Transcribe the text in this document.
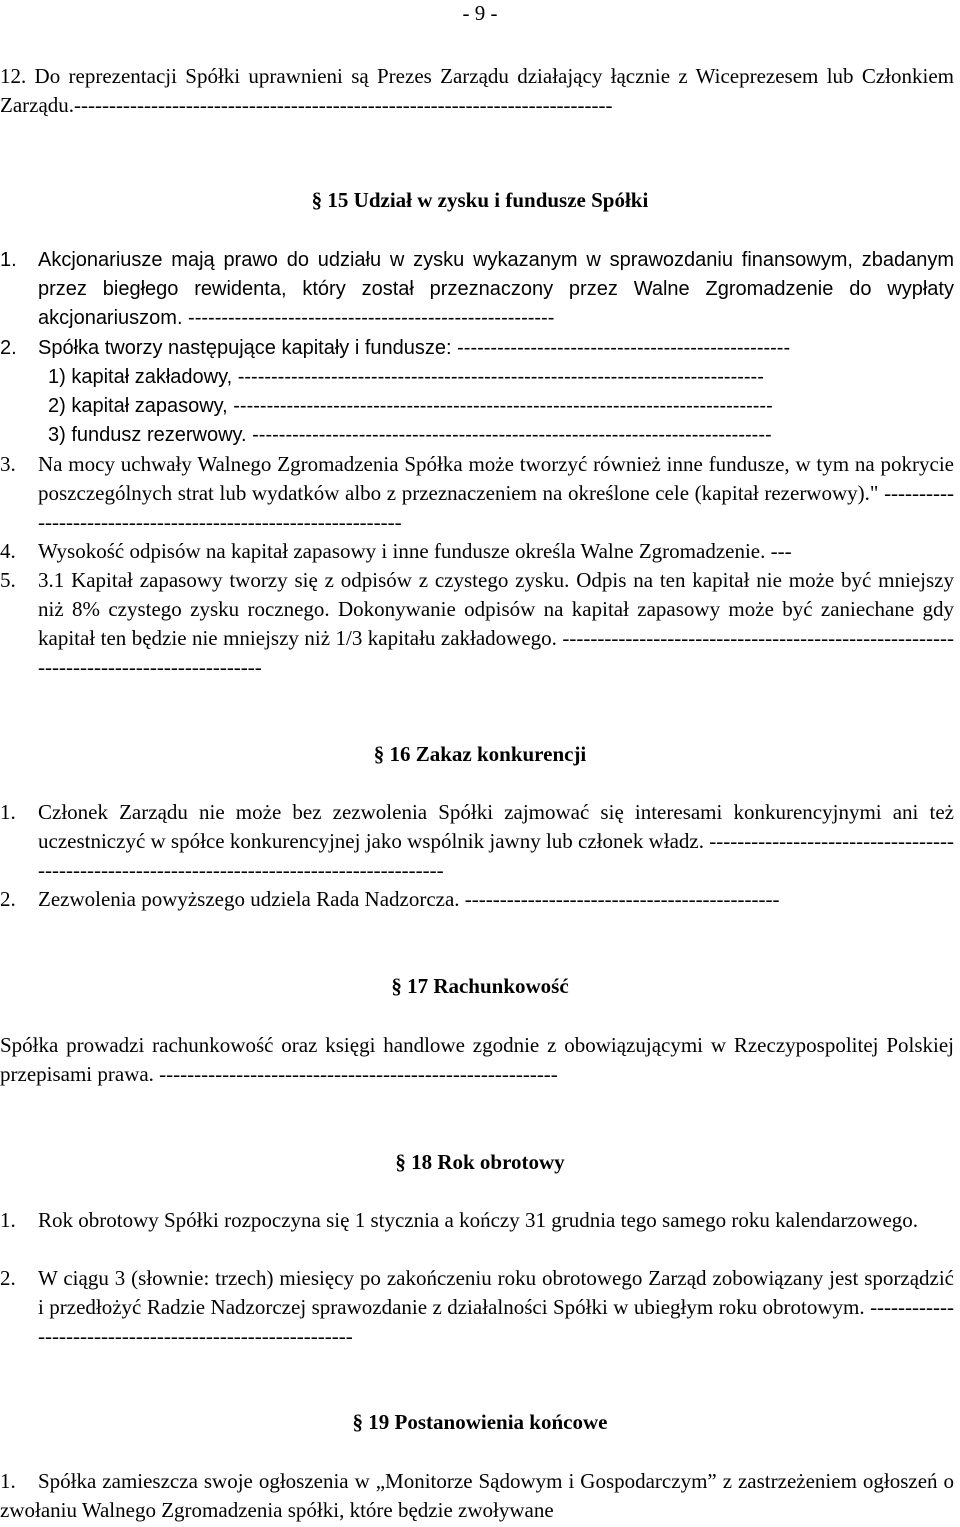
- 9 -
12. Do reprezentacji Spółki uprawnieni są Prezes Zarządu działający łącznie z Wiceprezesem lub Członkiem Zarządu.-----------------------------------------------------------------------------
§ 15 Udział w zysku i fundusze Spółki
1. Akcjonariusze mają prawo do udziału w zysku wykazanym w sprawozdaniu finansowym, zbadanym przez biegłego rewidenta, który został przeznaczony przez Walne Zgromadzenie do wypłaty akcjonariuszom. -------------------------------------------------------
2. Spółka tworzy następujące kapitały i fundusze: --------------------------------------------------
1) kapitał zakładowy, -------------------------------------------------------------------------------
2) kapitał zapasowy, ---------------------------------------------------------------------------------
3) fundusz rezerwowy. ------------------------------------------------------------------------------
3. Na mocy uchwały Walnego Zgromadzenia Spółka może tworzyć również inne fundusze, w tym na pokrycie poszczególnych strat lub wydatków albo z przeznaczeniem na określone cele (kapitał rezerwowy)." --------------------------------------------------------------
4. Wysokość odpisów na kapitał zapasowy i inne fundusze określa Walne Zgromadzenie. ---
5. 3.1 Kapitał zapasowy tworzy się z odpisów z czystego zysku. Odpis na ten kapitał nie może być mniejszy niż 8% czystego zysku rocznego. Dokonywanie odpisów na kapitał zapasowy może być zaniechane gdy kapitał ten będzie nie mniejszy niż 1/3 kapitału zakładowego. ----------------------------------------------------------------------------------------
§ 16 Zakaz konkurencji
1. Członek Zarządu nie może bez zezwolenia Spółki zajmować się interesami konkurencyjnymi ani też uczestniczyć w spółce konkurencyjnej jako wspólnik jawny lub członek władz. ---------------------------------------------------------------------------------------------
2. Zezwolenia powyższego udziela Rada Nadzorcza. ---------------------------------------------
§ 17 Rachunkowość
Spółka prowadzi rachunkowość oraz księgi handlowe zgodnie z obowiązującymi w Rzeczypospolitej Polskiej przepisami prawa. ---------------------------------------------------------
§ 18 Rok obrotowy
1. Rok obrotowy Spółki rozpoczyna się 1 stycznia a kończy 31 grudnia tego samego roku kalendarzowego.
2. W ciągu 3 (słownie: trzech) miesięcy po zakończeniu roku obrotowego Zarząd zobowiązany jest sporządzić i przedłożyć Radzie Nadzorczej sprawozdanie z działalności Spółki w ubiegłym roku obrotowym. ---------------------------------------------------------
§ 19 Postanowienia końcowe
1.	Spółka zamieszcza swoje ogłoszenia w „Monitorze Sądowym i Gospodarczym” z zastrzeżeniem ogłoszeń o zwołaniu Walnego Zgromadzenia spółki, które będzie zwoływane
